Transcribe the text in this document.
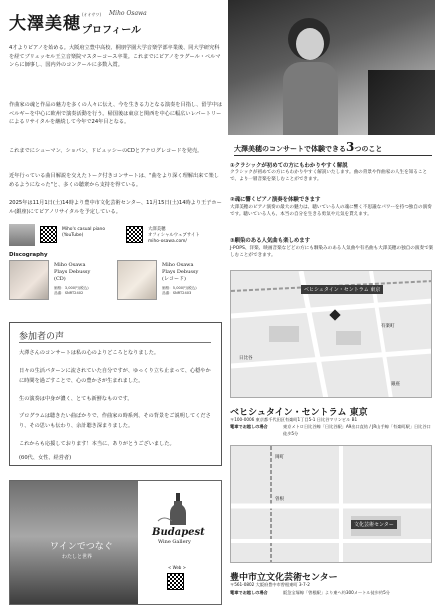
大澤美穂 (オオサワ) Miho Osawa
プロフィール

4才よりピアノを始める。大阪府立豊中高校、桐朋学園大学音楽学部卒業後、同大学研究科を経てブリュッセル王立音楽院マスターコース卒業。これまでにピアノをラグール・ペルマンらに師事し、国内外のコンクールに多数入賞。

作曲家の魂と作品の魅力を多くの人々に伝え、今を生きる力となる演奏を目指し、留学中はベルギーを中心に欧州で演奏活動を行う。帰国後は東京と関西を中心に幅広いレパートリーによるリサイタルを継続して今年で24年目となる。

これまでにシューマン、ショパン、ドビュッシーのCDとアナログレコードを発売。

近年行っている曲目解説を交えたトーク付きコンサートは、"曲をより深く理解出来て楽しめるようになった"と、多くの聴衆から支持を得ている。

2025年は11月1日(土)14時より豊中市文化芸術センター、11月15日(土)14時より王子ホール(銀座)にてピアノリサイタルを予定している。

Miho's casual piano (YouTube)
大澤美穂
オフィシャルウェブサイト
miho-osawa.com/
Discography
Miho Osawa
Plays Debussy
(CD)
価格：3,000円(税込)
品番：SNRT2402
Miho Osawa
Plays Debussy
(レコード)
価格：5,000円(税込)
品番：SNRT2403
参加者の声

大澤さんのコンサートは私の心のよりどころとなりました。

日々の生活パターンに流されていた自分ですが、ゆっくり立ち止まって、心穏やかに時間を過ごすことで、心の豊かさが生まれました。

生の演奏は中身が濃く、とても新鮮なものです。

プログラムは聴きたい曲ばかりで、作曲家の時系列、その背景をご説明してくださり、その思いも伝わり、余計聴き深まりました。

これからも応援しております！本当に、ありがとうございました。

(60代、女性、経営者)

ワインでつなぐ
わたしと世界
Budapest
Wine Gallery
< Web >
大澤美穂のコンサートで体験できる3つのこと
①クラシックが初めての方にもわかりやすく解説

クラシックが初めての方にもわかりやすく解説いたします。曲の背景や作曲家の人生を知ることで、より一層音楽を楽しむことができます。

②魂に響くピアノ演奏を体験できます

大澤美穂のピアノ演奏の最大の魅力は、聴いている人の魂に響く不思議なパワーを持つ独自の演奏です。聴いている人も、本当の自分を生きる勇気や元気を貰えます。

③馴染のある人気曲も楽しめます

J-POPS、洋楽、映画音楽などどの方にも馴染みのある人気曲や有名曲も大澤美穂の独自の演奏で楽しむことができます。

ベヒシュタイン・セントラム 東京
日比谷
有楽町
銀座
ベヒシュタイン・セントラム 東京
〒100-0006 東京都千代田区有楽町1丁目5-1 日比谷マリンビル B1
電車でお越しの場合	東京メトロ日比谷線「日比谷駅」A9出口直結 / JR山手線「有楽町駅」日比谷口 徒歩5分
文化芸術センター
曽根
岡町
豊中市立文化芸術センター
〒561-0802 大阪府豊中市曽根東町 3-7-2
電車でお越しの場合	阪急宝塚線「曽根駅」より東へ約300メートル徒歩約5分
